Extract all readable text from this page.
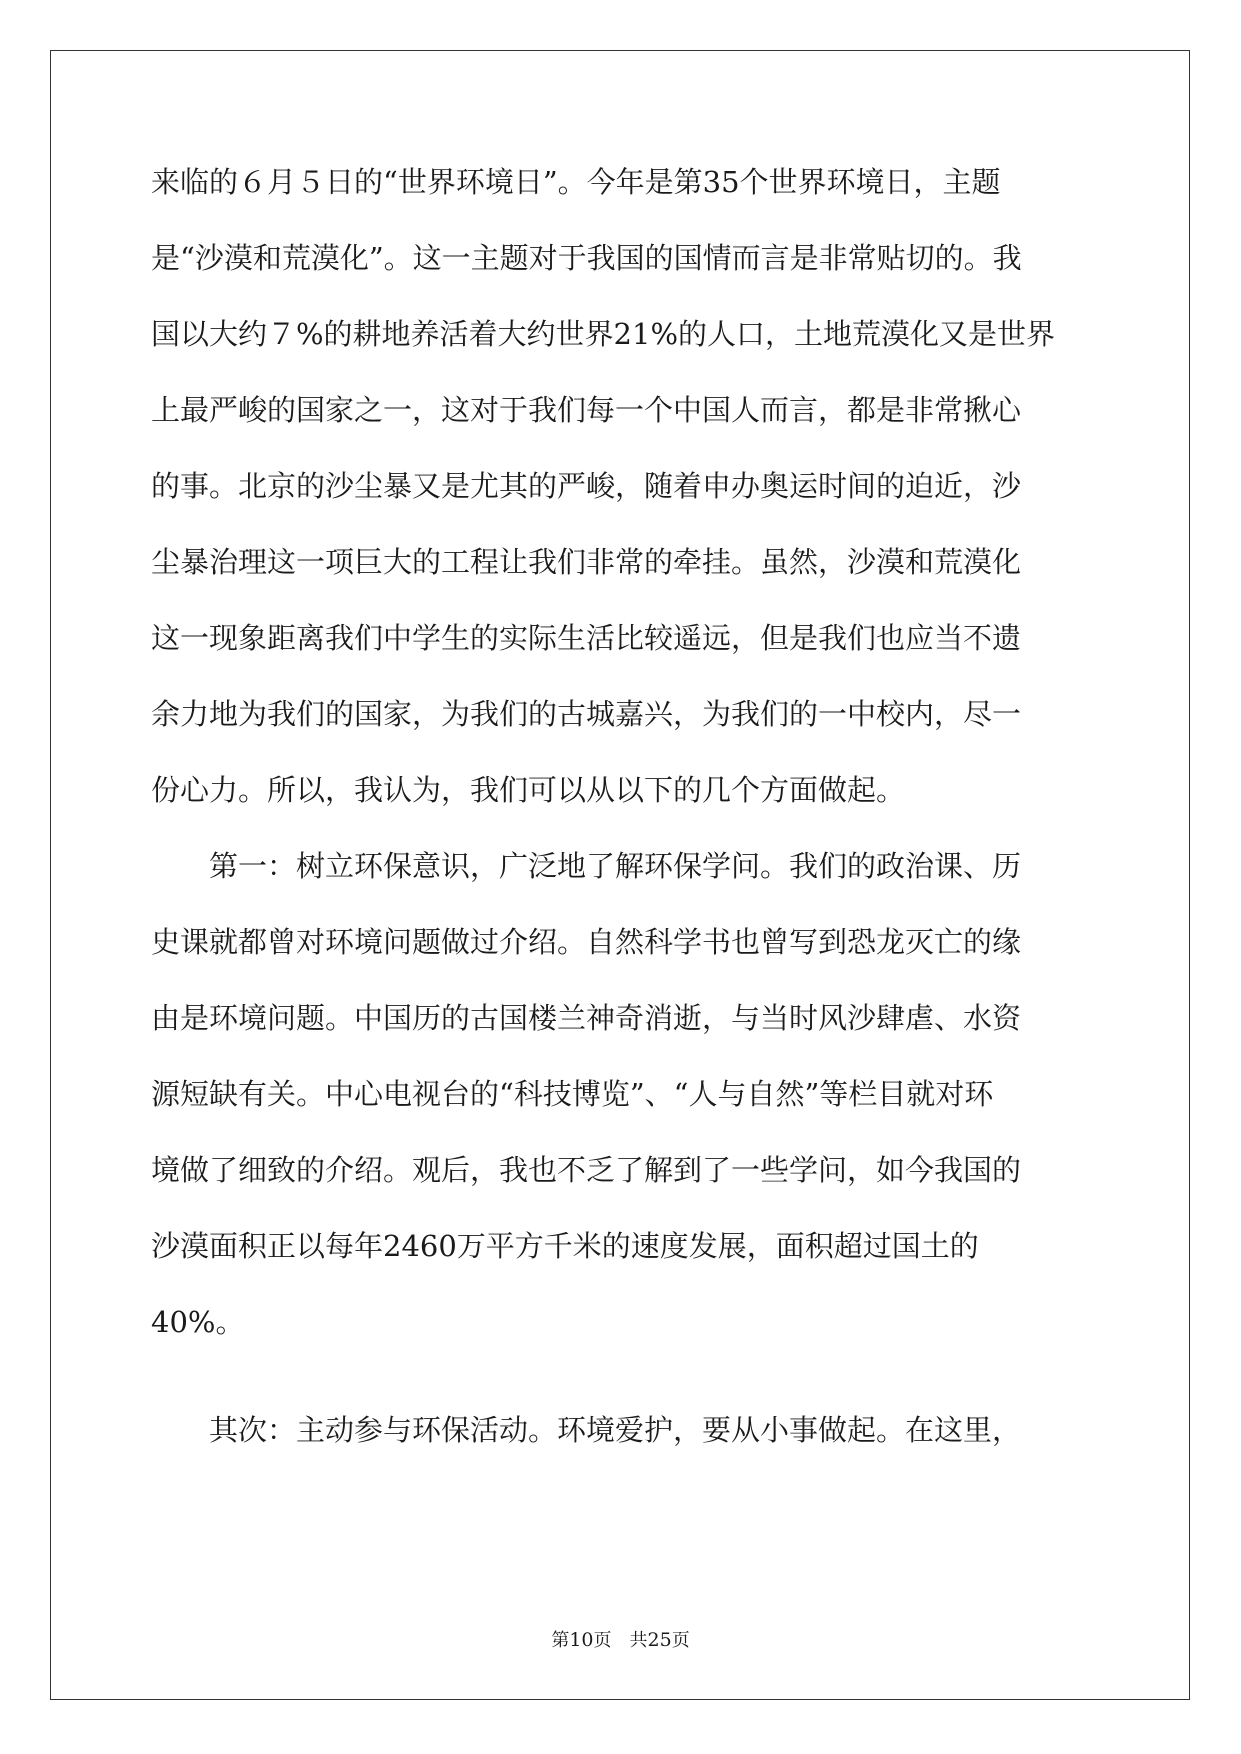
来临的６月５日的“世界环境日”。今年是第35个世界环境日，主题
是“沙漠和荒漠化”。这一主题对于我国的国情而言是非常贴切的。我
国以大约７%的耕地养活着大约世界21%的人口，土地荒漠化又是世界
上最严峻的国家之一，这对于我们每一个中国人而言，都是非常揪心
的事。北京的沙尘暴又是尤其的严峻，随着申办奥运时间的迫近，沙
尘暴治理这一项巨大的工程让我们非常的牵挂。虽然，沙漠和荒漠化
这一现象距离我们中学生的实际生活比较遥远，但是我们也应当不遗
余力地为我们的国家，为我们的古城嘉兴，为我们的一中校内，尽一
份心力。所以，我认为，我们可以从以下的几个方面做起。
　　第一：树立环保意识，广泛地了解环保学问。我们的政治课、历
史课就都曾对环境问题做过介绍。自然科学书也曾写到恐龙灭亡的缘
由是环境问题。中国历的古国楼兰神奇消逝，与当时风沙肆虐、水资
源短缺有关。中心电视台的“科技博览”、“人与自然”等栏目就对环
境做了细致的介绍。观后，我也不乏了解到了一些学问，如今我国的
沙漠面积正以每年2460万平方千米的速度发展，面积超过国土的
40%。
　　其次：主动参与环保活动。环境爱护，要从小事做起。在这里，
第10页 共25页
